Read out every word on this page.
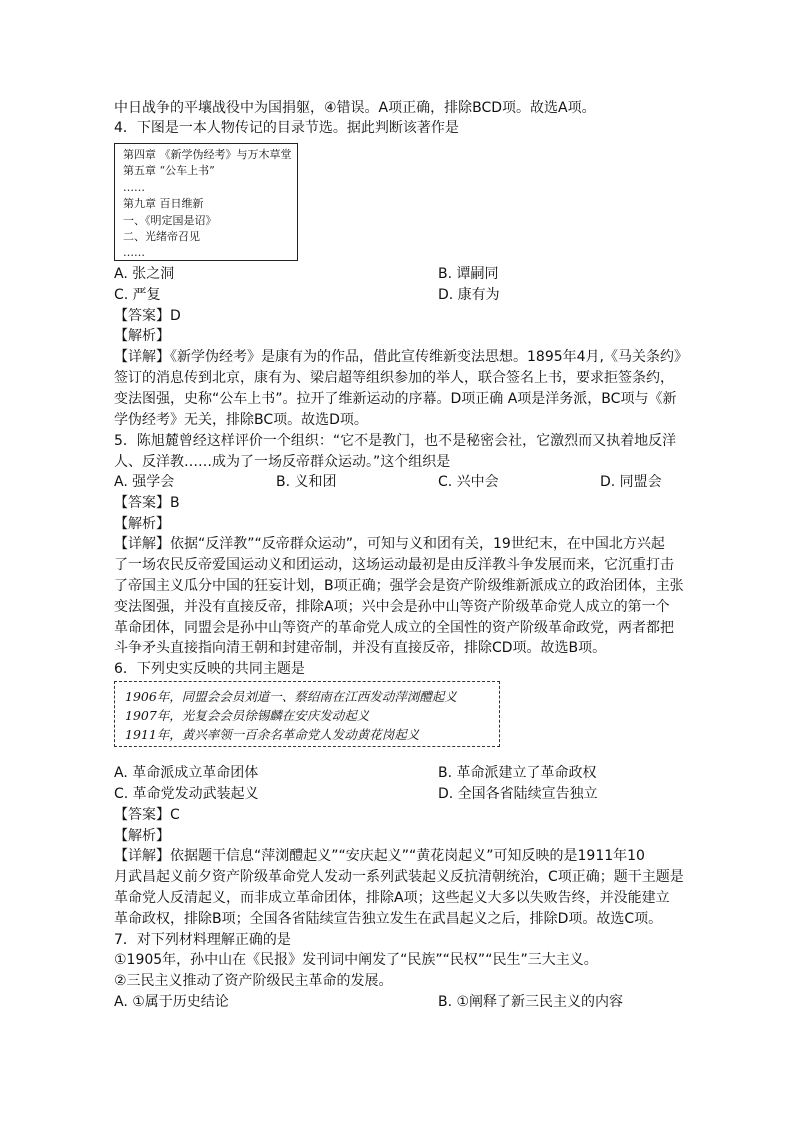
中日战争的平壤战役中为国捐躯，④错误。A项正确，排除BCD项。故选A项。
4．下图是一本人物传记的目录节选。据此判断该著作是
第四章 《新学伪经考》与万木草堂
第五章 “公车上书”
……
第九章 百日维新
一、《明定国是诏》
二、光绪帝召见
……
A. 张之洞	B. 谭嗣同
C. 严复	D. 康有为
【答案】D
【解析】
【详解】《新学伪经考》是康有为的作品，借此宣传维新变法思想。1895年4月,《马关条约》
签订的消息传到北京，康有为、梁启超等组织参加的举人，联合签名上书，要求拒签条约，
变法图强，史称“公车上书”。拉开了维新运动的序幕。D项正确 A项是洋务派，BC项与《新
学伪经考》无关，排除BC项。故选D项。
5．陈旭麓曾经这样评价一个组织：“它不是教门，也不是秘密会社，它激烈而又执着地反洋
人、反洋教……成为了一场反帝群众运动。”这个组织是
A. 强学会	B. 义和团	C. 兴中会	D. 同盟会
【答案】B
【解析】
【详解】依据“反洋教”“反帝群众运动”，可知与义和团有关，19世纪末，在中国北方兴起
了一场农民反帝爱国运动义和团运动，这场运动最初是由反洋教斗争发展而来，它沉重打击
了帝国主义瓜分中国的狂妄计划，B项正确；强学会是资产阶级维新派成立的政治团体，主张
变法图强，并没有直接反帝，排除A项；兴中会是孙中山等资产阶级革命党人成立的第一个
革命团体，同盟会是孙中山等资产的革命党人成立的全国性的资产阶级革命政党，两者都把
斗争矛头直接指向清王朝和封建帝制，并没有直接反帝，排除CD项。故选B项。
6．下列史实反映的共同主题是
1906年，同盟会会员刘道一、蔡绍南在江西发动萍浏醴起义
1907年，光复会会员徐锡麟在安庆发动起义
1911年，黄兴率领一百余名革命党人发动黄花岗起义
A. 革命派成立革命团体	B. 革命派建立了革命政权
C. 革命党发动武装起义	D. 全国各省陆续宣告独立
【答案】C
【解析】
【详解】依据题干信息“萍浏醴起义”“安庆起义”“黄花岗起义”可知反映的是1911年10
月武昌起义前夕资产阶级革命党人发动一系列武装起义反抗清朝统治，C项正确；题干主题是
革命党人反清起义，而非成立革命团体，排除A项；这些起义大多以失败告终，并没能建立
革命政权，排除B项；全国各省陆续宣告独立发生在武昌起义之后，排除D项。故选C项。
7．对下列材料理解正确的是
①1905年，孙中山在《民报》发刊词中阐发了“民族”“民权”“民生”三大主义。
②三民主义推动了资产阶级民主革命的发展。
A. ①属于历史结论	B. ①阐释了新三民主义的内容
